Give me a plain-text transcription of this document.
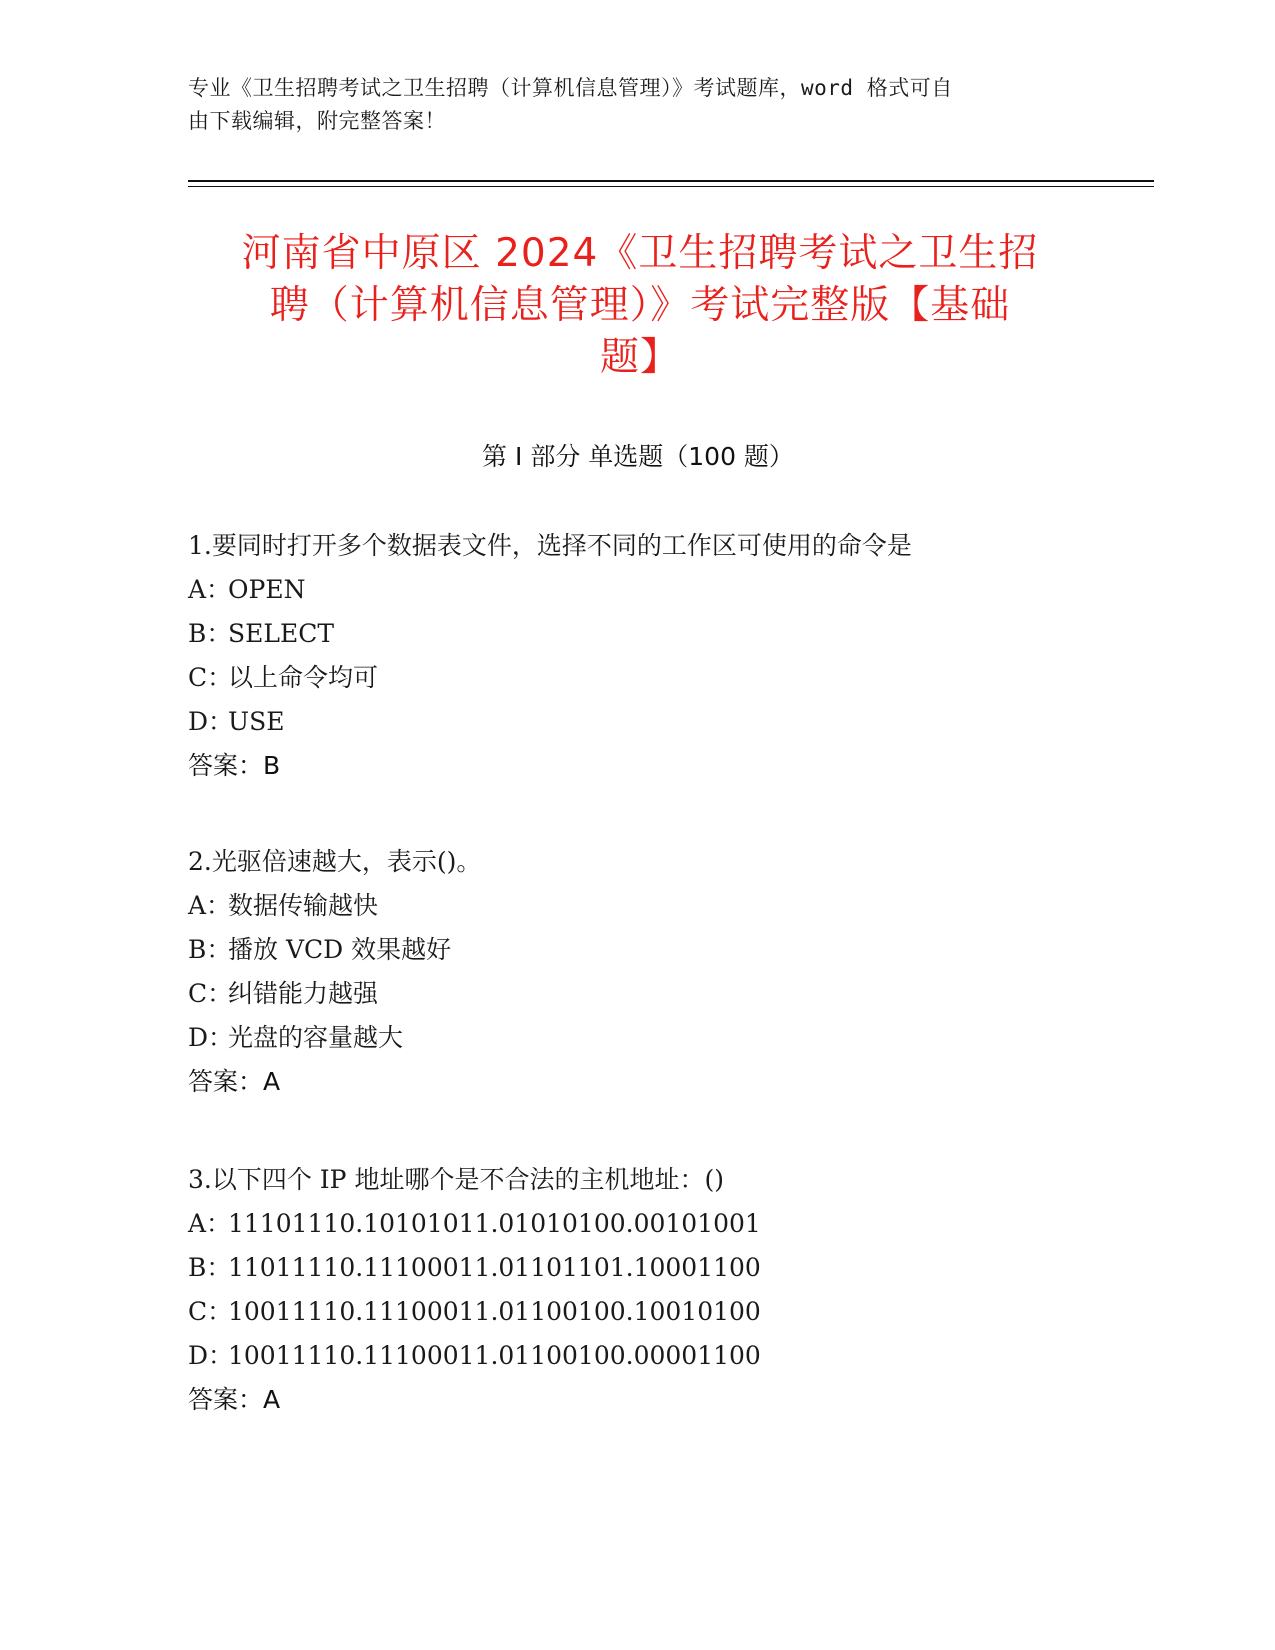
专业《卫生招聘考试之卫生招聘（计算机信息管理）》考试题库，word 格式可自
由下载编辑，附完整答案！
河南省中原区 2024《卫生招聘考试之卫生招
聘（计算机信息管理）》考试完整版【基础
题】
第 I 部分 单选题（100 题）
1.要同时打开多个数据表文件，选择不同的工作区可使用的命令是
A：OPEN
B：SELECT
C：以上命令均可
D：USE
答案：B
2.光驱倍速越大，表示()。
A：数据传输越快
B：播放 VCD 效果越好
C：纠错能力越强
D：光盘的容量越大
答案：A
3.以下四个 IP 地址哪个是不合法的主机地址：()
A：11101110.10101011.01010100.00101001
B：11011110.11100011.01101101.10001100
C：10011110.11100011.01100100.10010100
D：10011110.11100011.01100100.00001100
答案：A
